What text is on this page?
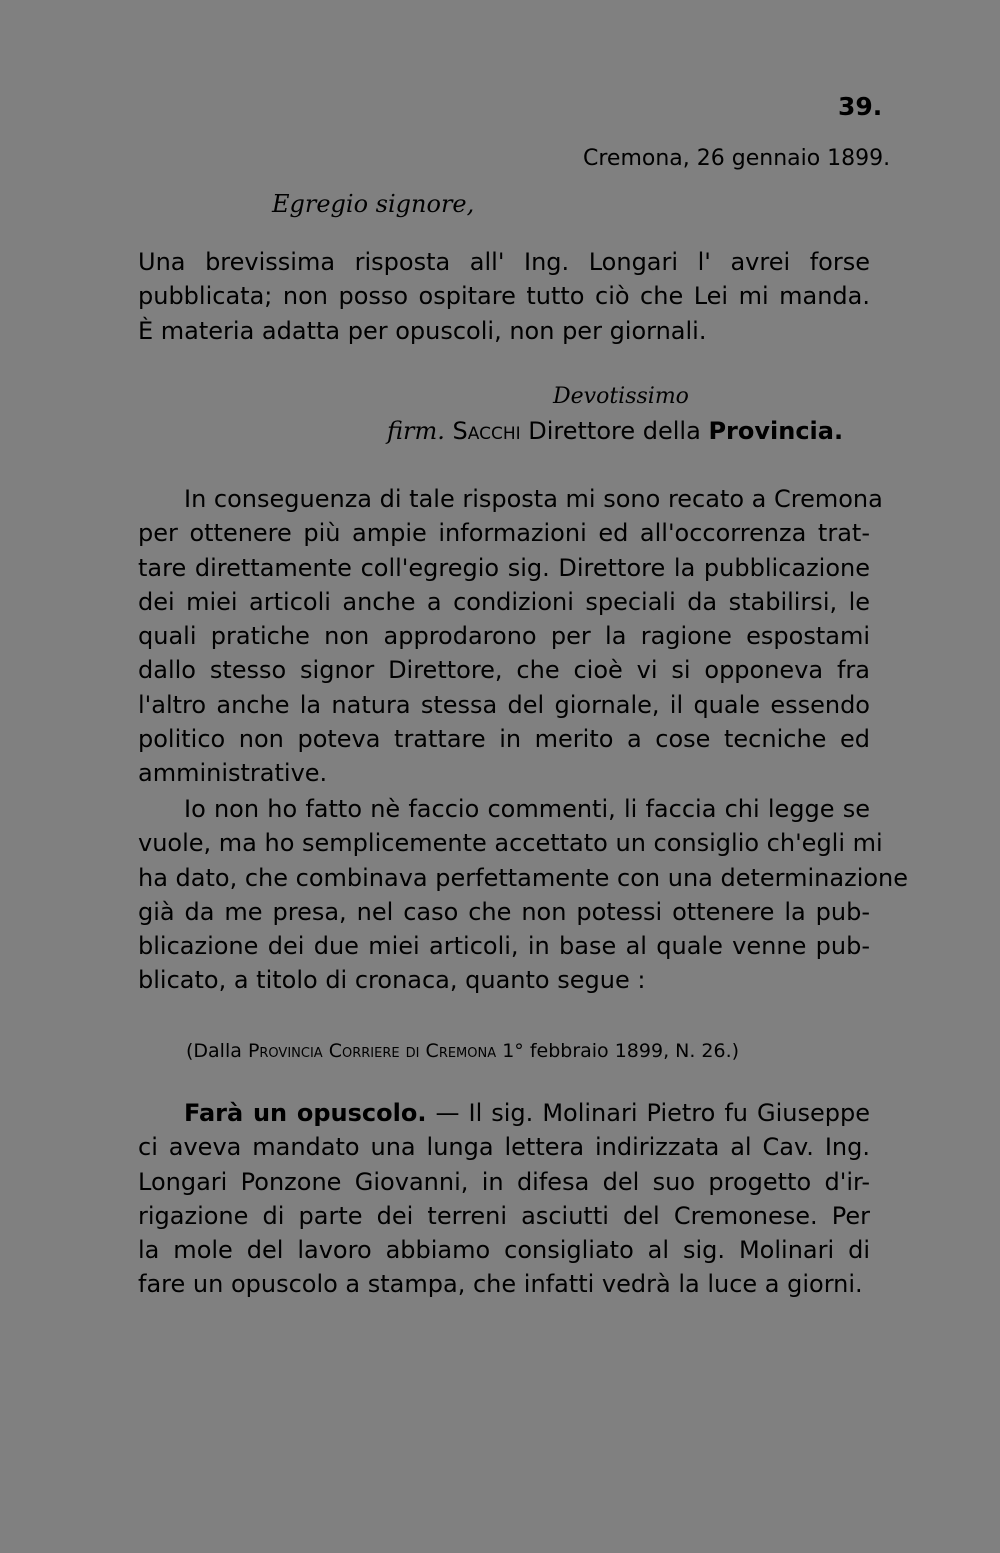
39.
Cremona, 26 gennaio 1899.
Egregio signore,
Una brevissima risposta all' Ing. Longari l' avrei forse
pubblicata; non posso ospitare tutto ciò che Lei mi manda.
È materia adatta per opuscoli, non per giornali.
Devotissimo
firm. Sacchi Direttore della Provincia.
In conseguenza di tale risposta mi sono recato a Cremona
per ottenere più ampie informazioni ed all'occorrenza trat-
tare direttamente coll'egregio sig. Direttore la pubblicazione
dei miei articoli anche a condizioni speciali da stabilirsi, le
quali pratiche non approdarono per la ragione espostami
dallo stesso signor Direttore, che cioè vi si opponeva fra
l'altro anche la natura stessa del giornale, il quale essendo
politico non poteva trattare in merito a cose tecniche ed
amministrative.
Io non ho fatto nè faccio commenti, li faccia chi legge se
vuole, ma ho semplicemente accettato un consiglio ch'egli mi
ha dato, che combinava perfettamente con una determinazione
già da me presa, nel caso che non potessi ottenere la pub-
blicazione dei due miei articoli, in base al quale venne pub-
blicato, a titolo di cronaca, quanto segue :
(Dalla Provincia Corriere di Cremona 1° febbraio 1899, N. 26.)
Farà un opuscolo. — Il sig. Molinari Pietro fu Giuseppe
ci aveva mandato una lunga lettera indirizzata al Cav. Ing.
Longari Ponzone Giovanni, in difesa del suo progetto d'ir-
rigazione di parte dei terreni asciutti del Cremonese. Per
la mole del lavoro abbiamo consigliato al sig. Molinari di
fare un opuscolo a stampa, che infatti vedrà la luce a giorni.
